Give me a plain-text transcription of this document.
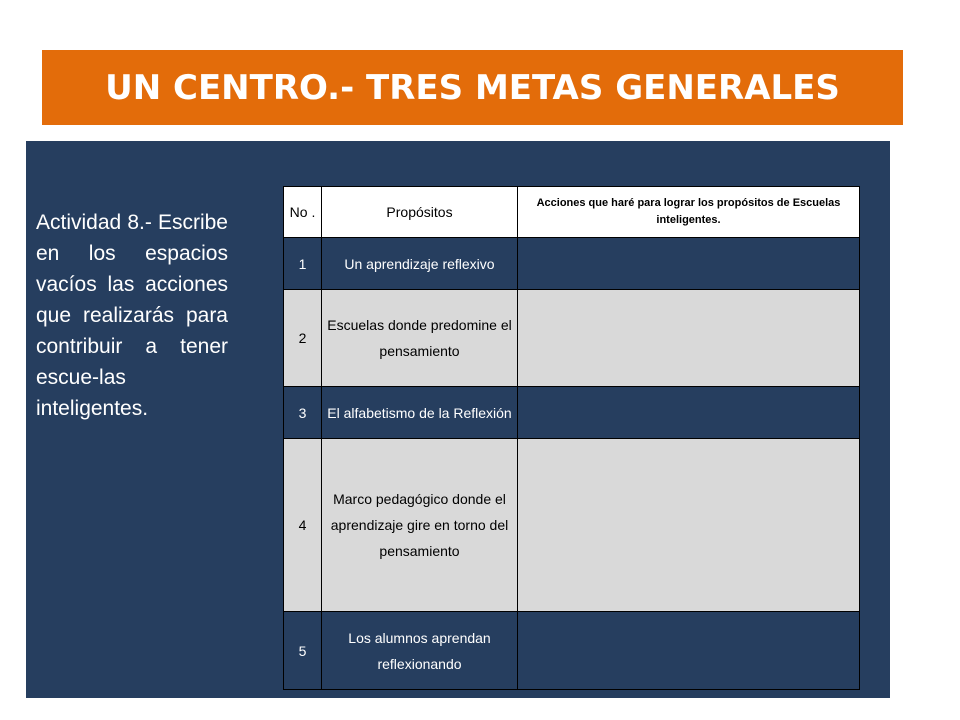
UN CENTRO.- TRES METAS GENERALES
Actividad 8.- Escribe en los espacios vacíos las acciones que realizarás para contribuir a tener escue-las inteligentes.
No .	Propósitos	Acciones que haré para lograr los propósitos de Escuelas inteligentes.
1	Un aprendizaje reflexivo	
2	Escuelas donde predomine el pensamiento	
3	El alfabetismo de la Reflexión	
4	Marco pedagógico donde el aprendizaje gire en torno del pensamiento	
5	Los alumnos aprendan reflexionando	
